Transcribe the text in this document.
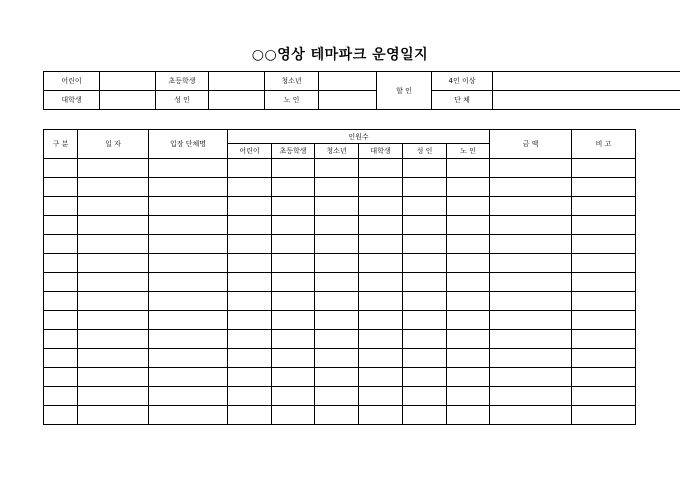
○○영상 테마파크 운영일지
어린이		초등학생		청소년		할 인	4인 이상	
대학생		성 인		노 인			단 체	
구 분	일 자	입장 단체명	인원수						금 액	비 고
			어린이	초등학생	청소년	대학생	성 인	노 인		
